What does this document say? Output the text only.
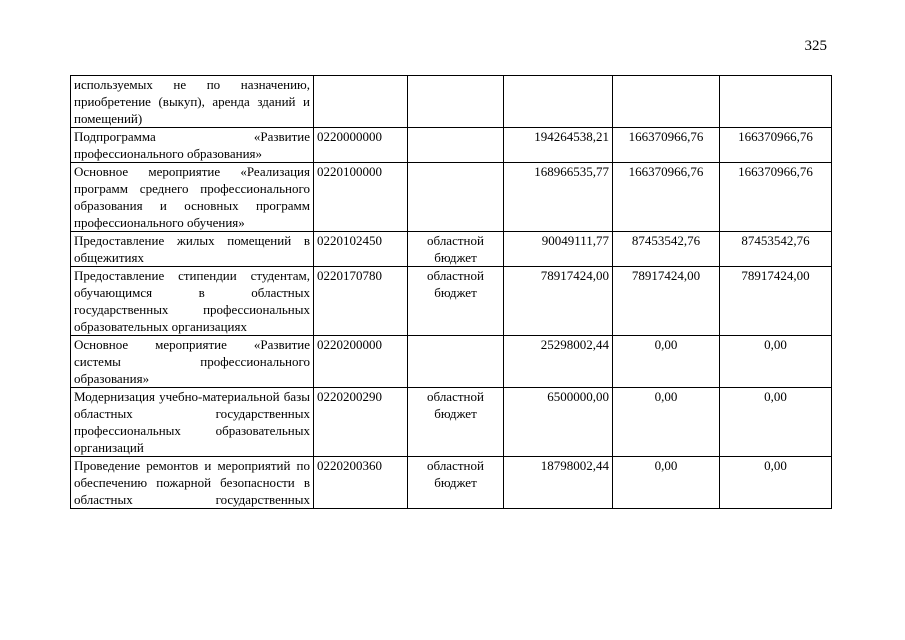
325
используемых не по назначению, приобретение (выкуп), аренда зданий и помещений)					
Подпрограмма «Развитие профессионального образования»	0220000000		194264538,21	166370966,76	166370966,76
Основное мероприятие «Реализация программ среднего профессионального образования и основных программ профессионального обучения»	0220100000		168966535,77	166370966,76	166370966,76
Предоставление жилых помещений в общежитиях	0220102450	областной бюджет	90049111,77	87453542,76	87453542,76
Предоставление стипендии студентам, обучающимся в областных государственных профессиональных образовательных организациях	0220170780	областной бюджет	78917424,00	78917424,00	78917424,00
Основное мероприятие «Развитие системы профессионального образования»	0220200000		25298002,44	0,00	0,00
Модернизация учебно-материальной базы областных государственных профессиональных образовательных организаций	0220200290	областной бюджет	6500000,00	0,00	0,00
Проведение ремонтов и мероприятий по обеспечению пожарной безопасности в областных государственных	0220200360	областной бюджет	18798002,44	0,00	0,00
